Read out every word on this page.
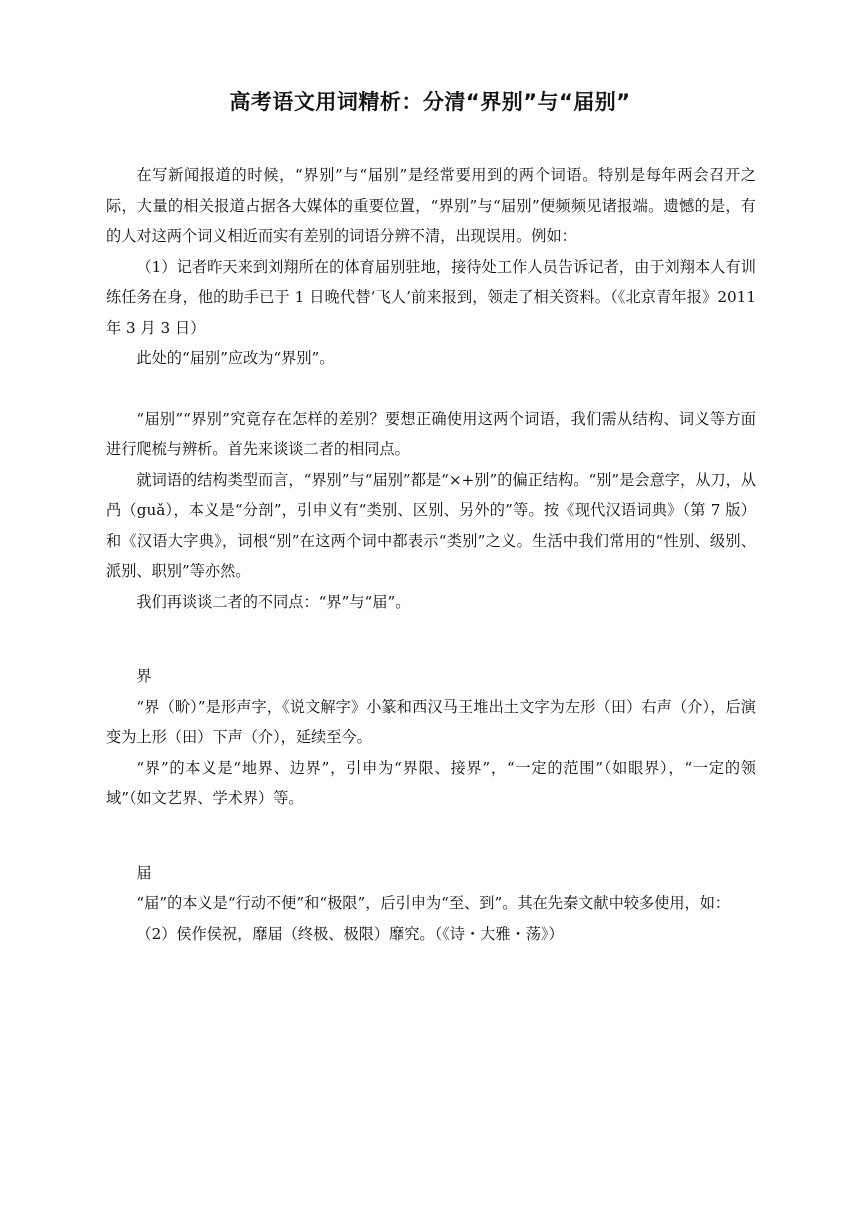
高考语文用词精析：分清“界别”与“届别”

在写新闻报道的时候，“界别”与“届别”是经常要用到的两个词语。特别是每年两会召开之际，大量的相关报道占据各大媒体的重要位置，“界别”与“届别”便频频见诸报端。遗憾的是，有的人对这两个词义相近而实有差别的词语分辨不清，出现误用。例如：

（1）记者昨天来到刘翔所在的体育届别驻地，接待处工作人员告诉记者，由于刘翔本人有训练任务在身，他的助手已于 1 日晚代替‘飞人’前来报到，领走了相关资料。（《北京青年报》2011 年 3 月 3 日）

此处的“届别”应改为“界别”。

“届别”“界别”究竟存在怎样的差别？要想正确使用这两个词语，我们需从结构、词义等方面进行爬梳与辨析。首先来谈谈二者的相同点。

就词语的结构类型而言，“界别”与“届别”都是“×+别”的偏正结构。“别”是会意字，从刀，从冎（guǎ），本义是“分剖”，引申义有“类别、区别、另外的”等。按《现代汉语词典》（第 7 版）和《汉语大字典》，词根“别”在这两个词中都表示“类别”之义。生活中我们常用的“性别、级别、派别、职别”等亦然。

我们再谈谈二者的不同点：“界”与“届”。

界

“界（畍）”是形声字，《说文解字》小篆和西汉马王堆出土文字为左形（田）右声（介），后演变为上形（田）下声（介），延续至今。

“界”的本义是“地界、边界”，引申为“界限、接界”，“一定的范围”（如眼界），“一定的领域”（如文艺界、学术界）等。

届

“届”的本义是“行动不便”和“极限”，后引申为“至、到”。其在先秦文献中较多使用，如：

（2）侯作侯祝，靡届（终极、极限）靡究。（《诗・大雅・荡》）
